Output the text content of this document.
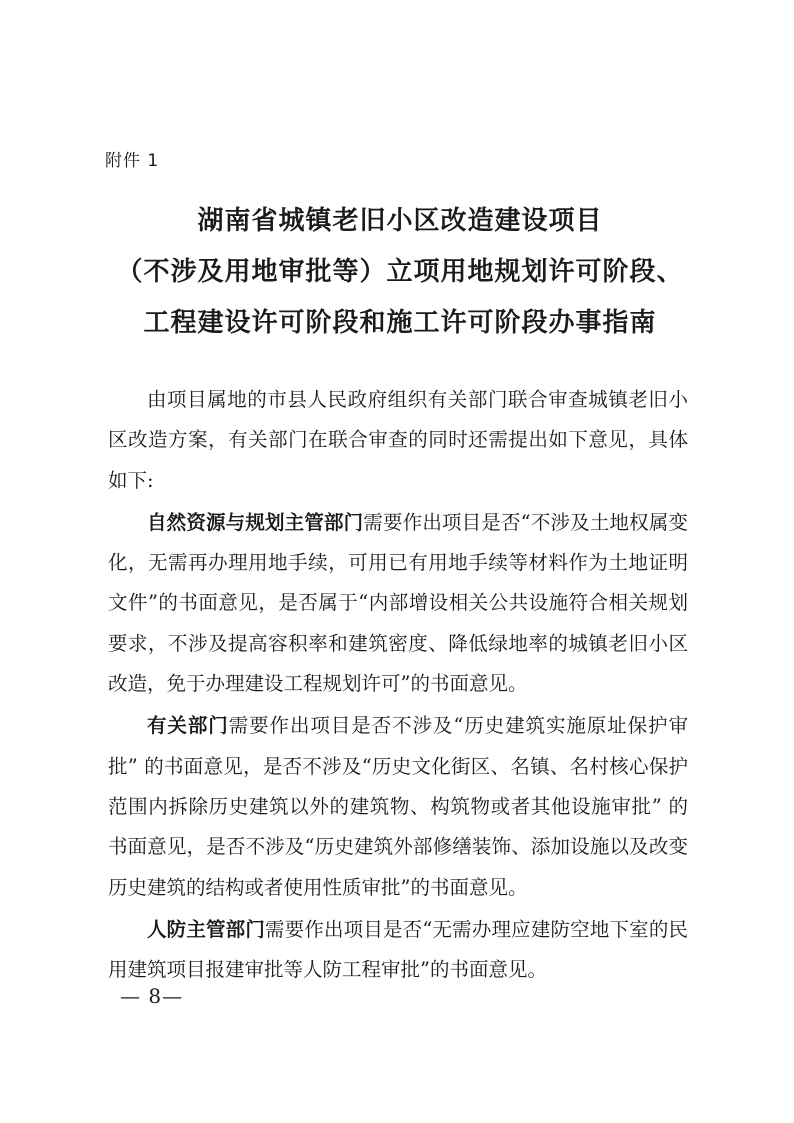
附件 1
湖南省城镇老旧小区改造建设项目
（不涉及用地审批等）立项用地规划许可阶段、
工程建设许可阶段和施工许可阶段办事指南

由项目属地的市县人民政府组织有关部门联合审查城镇老旧小区改造方案，有关部门在联合审查的同时还需提出如下意见，具体如下:

自然资源与规划主管部门需要作出项目是否“不涉及土地权属变化，无需再办理用地手续，可用已有用地手续等材料作为土地证明文件”的书面意见，是否属于“内部增设相关公共设施符合相关规划要求，不涉及提高容积率和建筑密度、降低绿地率的城镇老旧小区改造，免于办理建设工程规划许可”的书面意见。

有关部门需要作出项目是否不涉及“历史建筑实施原址保护审批” 的书面意见，是否不涉及“历史文化街区、名镇、名村核心保护范围内拆除历史建筑以外的建筑物、构筑物或者其他设施审批” 的书面意见，是否不涉及“历史建筑外部修缮装饰、添加设施以及改变历史建筑的结构或者使用性质审批”的书面意见。

人防主管部门需要作出项目是否“无需办理应建防空地下室的民用建筑项目报建审批等人防工程审批”的书面意见。

— 8—
